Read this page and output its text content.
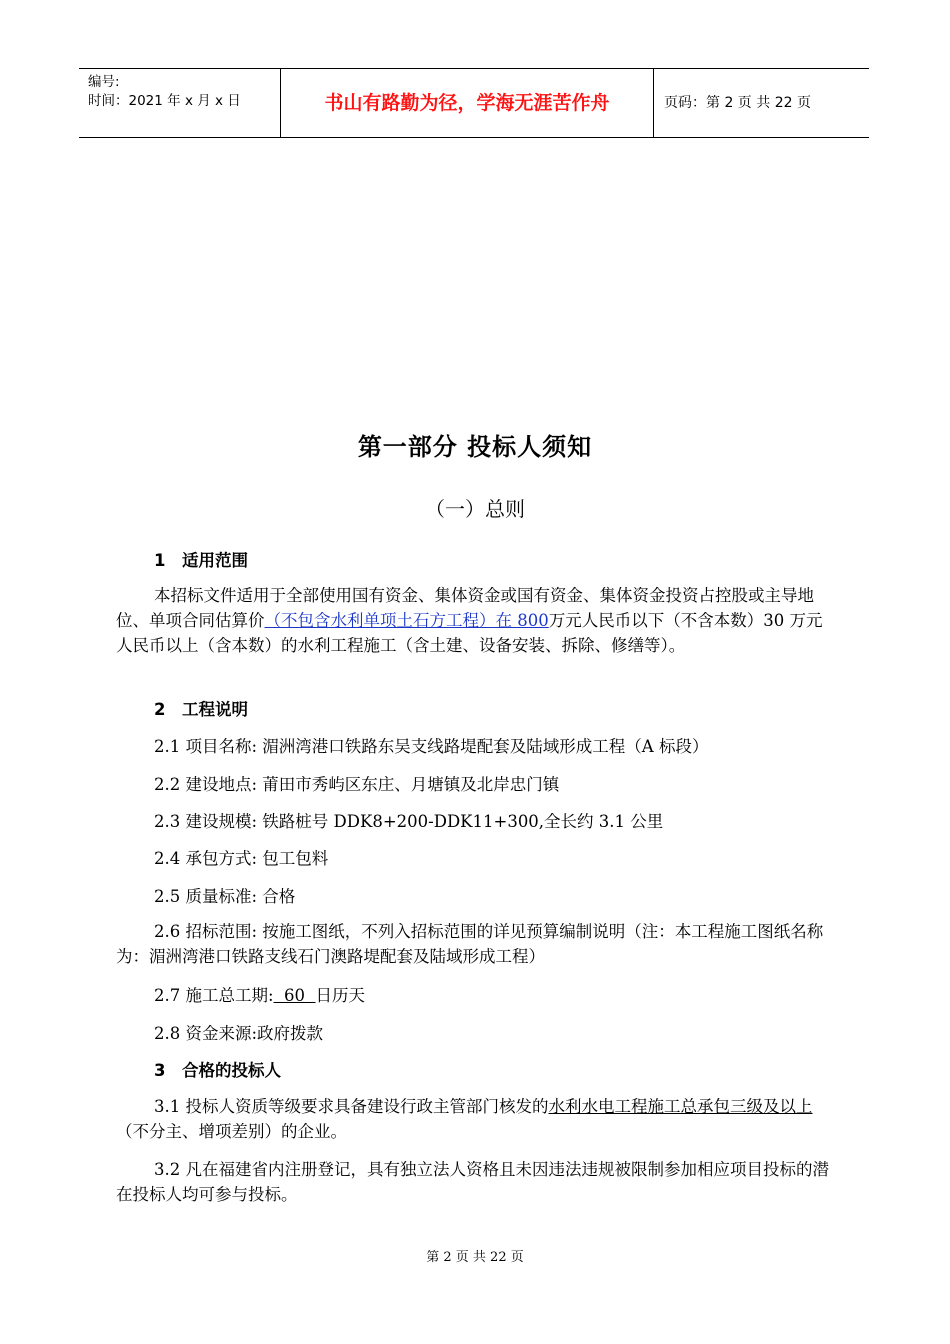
编号:
时间：2021 年 x 月 x 日	书山有路勤为径，学海无涯苦作舟	页码：第 2 页 共 22 页
第一部分 投标人须知
（一）总则
1 适用范围
本招标文件适用于全部使用国有资金、集体资金或国有资金、集体资金投资占控股或主导地位、单项合同估算价（不包含水利单项土石方工程）在 800万元人民币以下（不含本数）30 万元人民币以上（含本数）的水利工程施工（含土建、设备安装、拆除、修缮等）。
2 工程说明
2.1 项目名称: 湄洲湾港口铁路东吴支线路堤配套及陆域形成工程（A 标段）
2.2 建设地点: 莆田市秀屿区东庄、月塘镇及北岸忠门镇
2.3 建设规模: 铁路桩号 DDK8+200-DDK11+300,全长约 3.1 公里
2.4 承包方式: 包工包料
2.5 质量标准: 合格
2.6 招标范围: 按施工图纸，不列入招标范围的详见预算编制说明（注：本工程施工图纸名称为：湄洲湾港口铁路支线石门澳路堤配套及陆域形成工程）
2.7 施工总工期:  60  日历天
2.8 资金来源:政府拨款
3 合格的投标人
3.1 投标人资质等级要求具备建设行政主管部门核发的水利水电工程施工总承包三级及以上（不分主、增项差别）的企业。
3.2 凡在福建省内注册登记，具有独立法人资格且未因违法违规被限制参加相应项目投标的潜在投标人均可参与投标。
第 2 页 共 22 页
